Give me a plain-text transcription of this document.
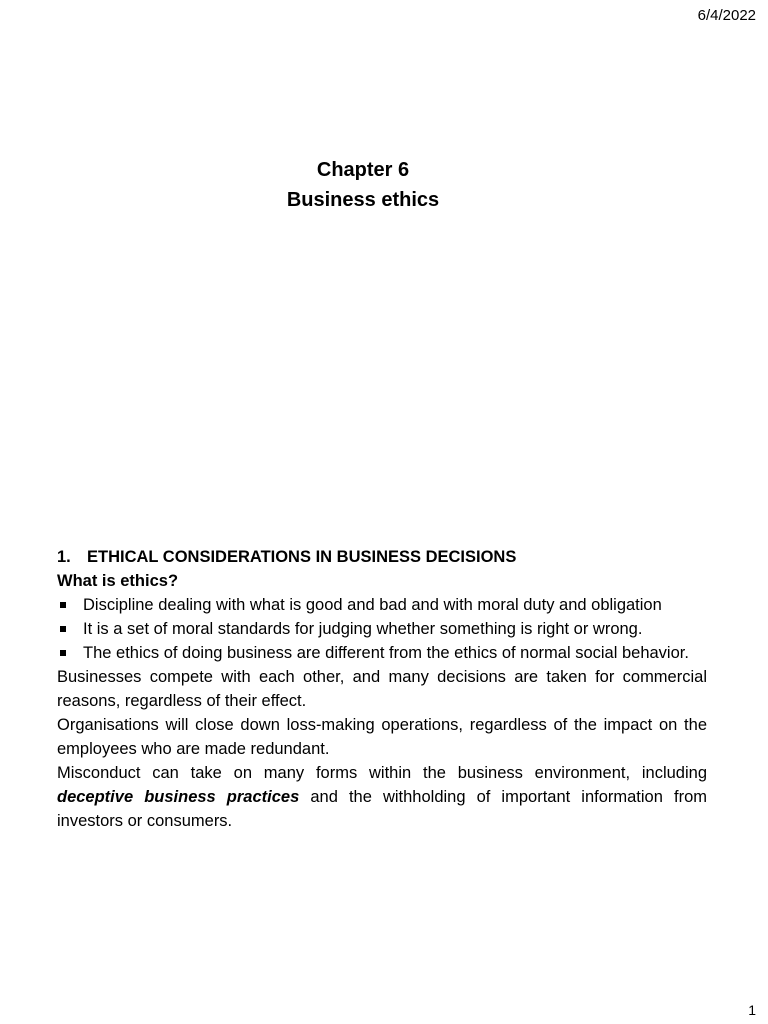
6/4/2022
Chapter 6
Business ethics
1. ETHICAL CONSIDERATIONS IN BUSINESS DECISIONS
What is ethics?
Discipline dealing with what is good and bad and with moral duty and obligation
It is a set of moral standards for judging whether something is right or wrong.
The ethics of doing business are different from the ethics of normal social behavior.

Businesses compete with each other, and many decisions are taken for commercial reasons, regardless of their effect.

Organisations will close down loss-making operations, regardless of the impact on the employees who are made redundant.

Misconduct can take on many forms within the business environment, including deceptive business practices and the withholding of important information from investors or consumers.

1
